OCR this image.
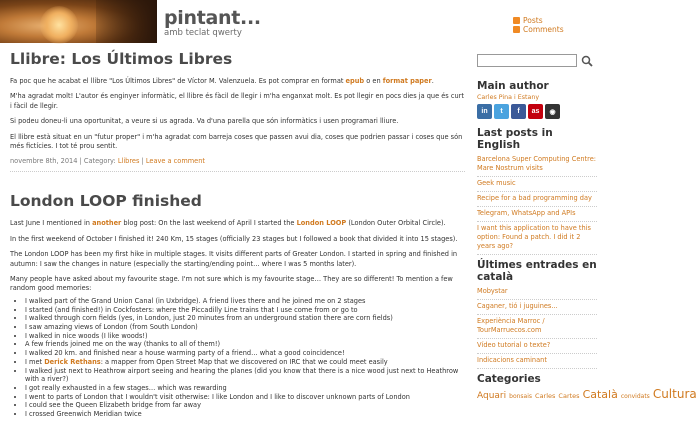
pintant...
amb teclat qwerty
Posts Comments
Llibre: Los Últimos Libres

Fa poc que he acabat el llibre "Los Últimos Libres" de Víctor M. Valenzuela. Es pot comprar en format epub o en format paper.

M'ha agradat molt! L'autor és enginyer informàtic, el llibre és fàcil de llegir i m'ha enganxat molt. Es pot llegir en pocs dies ja que és curt i fàcil de llegir.

Si podeu doneu-li una oportunitat, a veure si us agrada. Va d'una parella que són informàtics i usen programari lliure.

El llibre està situat en un "futur proper" i m'ha agradat com barreja coses que passen avui dia, coses que podrien passar i coses que són més fictícies. I tot té prou sentit.

novembre 8th, 2014 | Category: Llibres | Leave a comment
London LOOP finished

Last June I mentioned in another blog post: On the last weekend of April I started the London LOOP (London Outer Orbital Circle).

In the first weekend of October I finished it! 240 Km, 15 stages (officially 23 stages but I followed a book that divided it into 15 stages).

The London LOOP has been my first hike in multiple stages. It visits different parts of Greater London. I started in spring and finished in autumn: I saw the changes in nature (especially the starting/ending point… where I was 5 months later).

Many people have asked about my favourite stage. I'm not sure which is my favourite stage… They are so different! To mention a few random good memories:

• I walked part of the Grand Union Canal (in Uxbridge). A friend lives there and he joined me on 2 stages
• I started (and finished!) in Cockfosters: where the Piccadilly Line trains that I use come from or go to
• I walked through corn fields (yes, in London, just 20 minutes from an underground station there are corn fields)
• I saw amazing views of London (from South London)
• I walked in nice woods (I like woods!)
• A few friends joined me on the way (thanks to all of them!)
• I walked 20 km. and finished near a house warming party of a friend… what a good coincidence!
• I met Derick Rethans: a mapper from Open Street Map that we discovered on IRC that we could meet easily
• I walked just next to Heathrow airport seeing and hearing the planes (did you know that there is a nice wood just next to Heathrow with a river?)
• I got really exhausted in a few stages… which was rewarding
• I went to parts of London that I wouldn't visit otherwise: I like London and I like to discover unknown parts of London
• I could see the Queen Elizabeth bridge from far away
• I crossed Greenwich Meridian twice
Main author
Carles Pina i Estany
in	t	f	as	◉
Last posts in English
Barcelona Super Computing Centre: Mare Nostrum visits
Geek music
Recipe for a bad programming day
Telegram, WhatsApp and APIs
I want this application to have this option: Found a patch. I did it 2 years ago?
Últimes entrades en català
Mobystar
Caganer, tió i juguines...
Experiència Marroc / TourMarruecos.com
Vídeo tutorial o texte?
Indicacions caminant
Categories
Aquari bonsais Carles Cartes Català convidats Cultura
